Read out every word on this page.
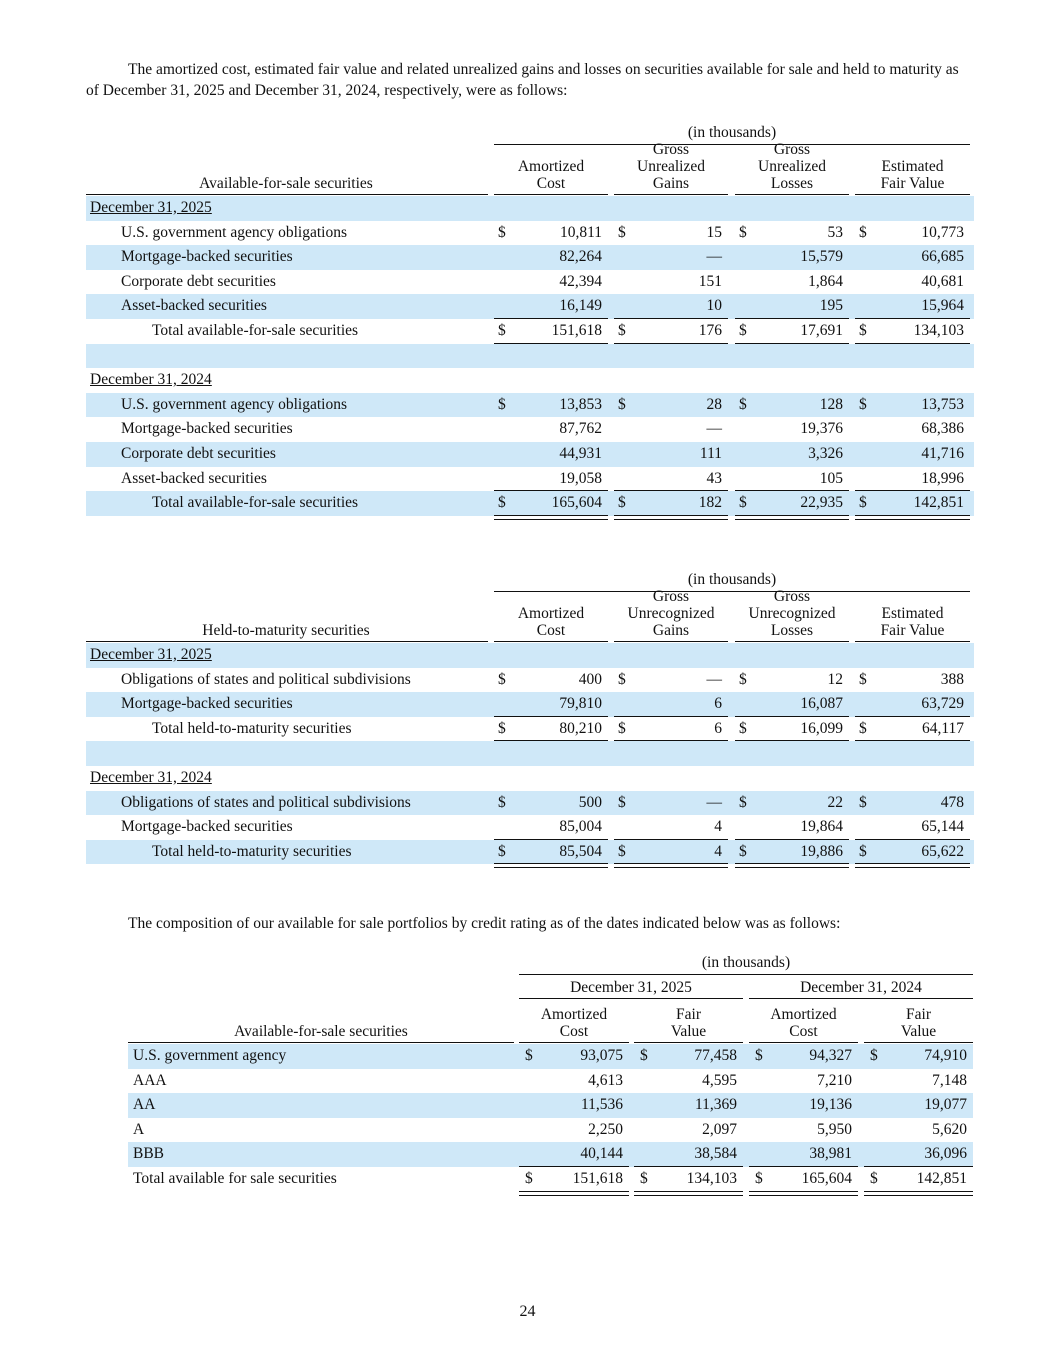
The amortized cost, estimated fair value and related unrealized gains and losses on securities available for sale and held to maturity as of December 31, 2025 and December 31, 2024, respectively, were as follows:

(in thousands)
Amortized
Cost
Gross
Unrealized
Gains
Gross
Unrealized
Losses
Estimated
Fair Value
Available-for-sale securities
December 31, 2025
U.S. government agency obligations	$	10,811 $	15 $	53 $	10,773
Mortgage-backed securities	82,264	—	15,579	66,685
Corporate debt securities	42,394	151	1,864	40,681
Asset-backed securities	16,149	10	195	15,964
Total available-for-sale securities	$	151,618 $	176 $	17,691 $	134,103
December 31, 2024
U.S. government agency obligations	$	13,853 $	28 $	128 $	13,753
Mortgage-backed securities	87,762	—	19,376	68,386
Corporate debt securities	44,931	111	3,326	41,716
Asset-backed securities	19,058	43	105	18,996
Total available-for-sale securities	$	165,604 $	182 $	22,935 $	142,851
(in thousands)
Amortized
Cost
Gross
Unrecognized
Gains
Gross
Unrecognized
Losses
Estimated
Fair Value
Held-to-maturity securities
December 31, 2025
Obligations of states and political subdivisions	$	400 $	— $	12 $	388
Mortgage-backed securities	79,810	6	16,087	63,729
Total held-to-maturity securities	$	80,210 $	6 $	16,099 $	64,117
December 31, 2024
Obligations of states and political subdivisions	$	500 $	— $	22 $	478
Mortgage-backed securities	85,004	4	19,864	65,144
Total held-to-maturity securities	$	85,504 $	4 $	19,886 $	65,622

The composition of our available for sale portfolios by credit rating as of the dates indicated below was as follows:

(in thousands)
December 31, 2025	December 31, 2024
Amortized
Cost
Fair
Value
Amortized
Cost
Fair
Value
Available-for-sale securities
U.S. government agency	$	93,075 $	77,458 $	94,327 $	74,910
AAA	4,613	4,595	7,210	7,148
AA	11,536	11,369	19,136	19,077
A	2,250	2,097	5,950	5,620
BBB	40,144	38,584	38,981	36,096
Total available for sale securities	$	151,618 $	134,103 $	165,604 $	142,851
24
